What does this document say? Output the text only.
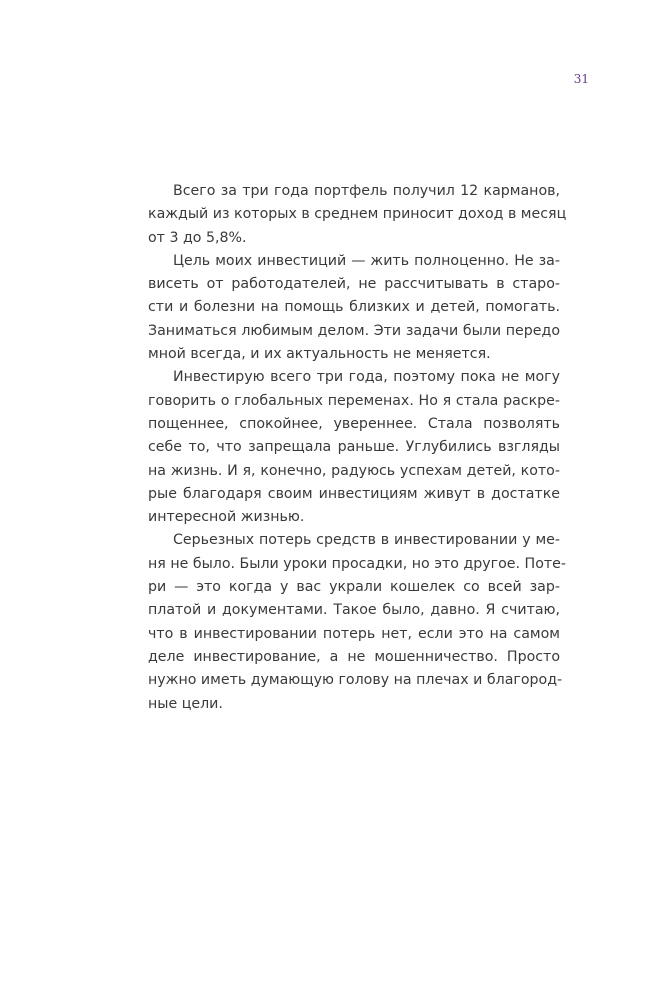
31
Всего за три года портфель получил 12 карманов,
каждый из которых в среднем приносит доход в месяц
от 3 до 5,8%.
Цель моих инвестиций — жить полноценно. Не за-
висеть от работодателей, не рассчитывать в старо-
сти и болезни на помощь близких и детей, помогать.
Заниматься любимым делом. Эти задачи были передо
мной всегда, и их актуальность не меняется.
Инвестирую всего три года, поэтому пока не могу
говорить о глобальных переменах. Но я стала раскре-
пощеннее, спокойнее, увереннее. Стала позволять
себе то, что запрещала раньше. Углубились взгляды
на жизнь. И я, конечно, радуюсь успехам детей, кото-
рые благодаря своим инвестициям живут в достатке
интересной жизнью.
Серьезных потерь средств в инвестировании у ме-
ня не было. Были уроки просадки, но это другое. Поте-
ри — это когда у вас украли кошелек со всей зар-
платой и документами. Такое было, давно. Я считаю,
что в инвестировании потерь нет, если это на самом
деле инвестирование, а не мошенничество. Просто
нужно иметь думающую голову на плечах и благород-
ные цели.
